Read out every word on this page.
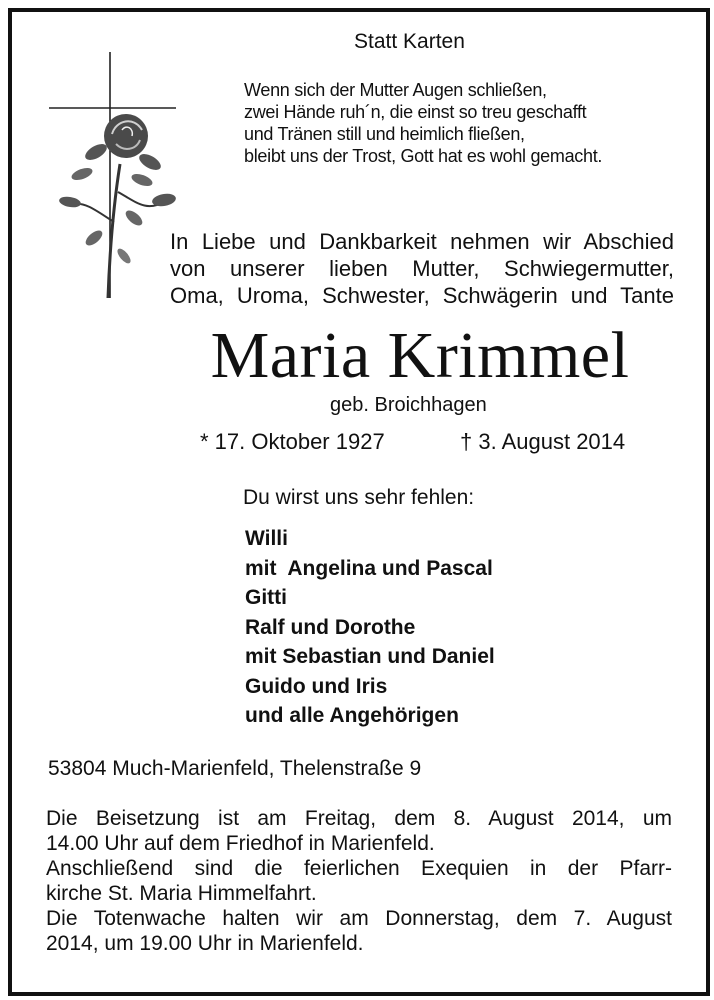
Statt Karten
Wenn sich der Mutter Augen schließen,
zwei Hände ruh´n, die einst so treu geschafft
und Tränen still und heimlich fließen,
bleibt uns der Trost, Gott hat es wohl gemacht.
In Liebe und Dankbarkeit nehmen wir Abschied
von unserer lieben Mutter, Schwiegermutter,
Oma, Uroma, Schwester, Schwägerin und Tante
Maria Krimmel
geb. Broichhagen
* 17. Oktober 1927	† 3. August 2014
Du wirst uns sehr fehlen:
Willi
mit  Angelina und Pascal
Gitti
Ralf und Dorothe
mit Sebastian und Daniel
Guido und Iris
und alle Angehörigen
53804 Much-Marienfeld, Thelenstraße 9
Die Beisetzung ist am Freitag, dem 8. August 2014, um
14.00 Uhr auf dem Friedhof in Marienfeld.
Anschließend sind die feierlichen Exequien in der Pfarr-
kirche St. Maria Himmelfahrt.
Die Totenwache halten wir am Donnerstag, dem 7. August
2014, um 19.00 Uhr in Marienfeld.
